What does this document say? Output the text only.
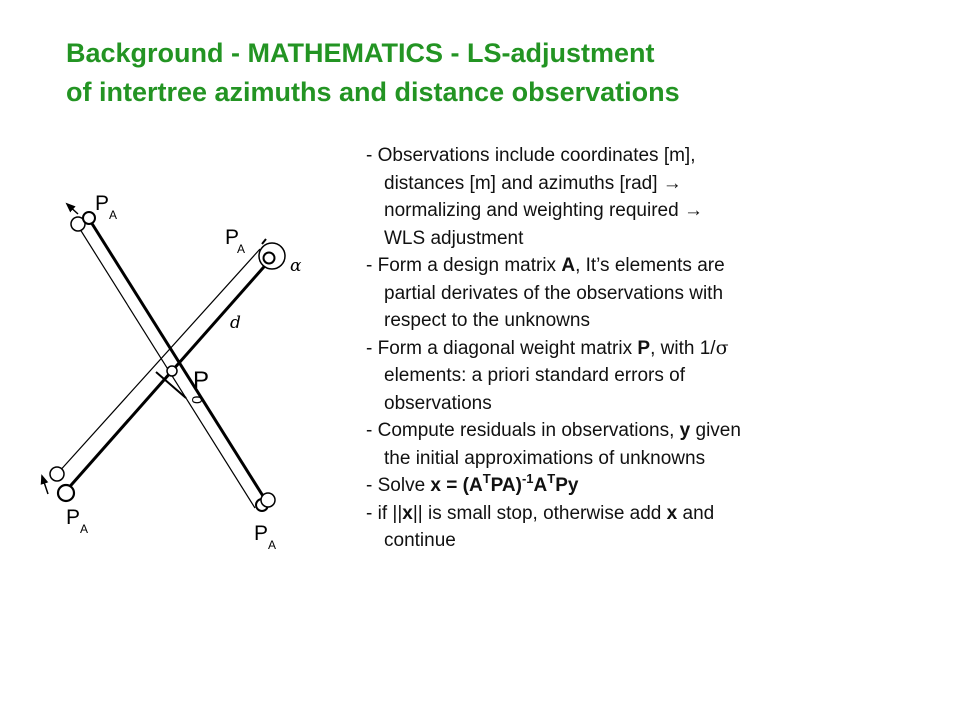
Background - MATHEMATICS - LS-adjustment
of intertree azimuths and distance observations
$P_A$
PA
α
d
P
0
$P_A$	$P_A$
- Observations include coordinates [m],
distances [m] and azimuths [rad] →
normalizing and weighting required →
WLS adjustment
- Form a design matrix A, It’s elements are
partial derivates of the observations with
respect to the unknowns
- Form a diagonal weight matrix P, with 1/σ
elements: a priori standard errors of
observations
- Compute residuals in observations, y given
the initial approximations of unknowns
- Solve $x = (A^TPA)^{-1}A^TPy$
- if ||x|| is small stop, otherwise add x and
continue
